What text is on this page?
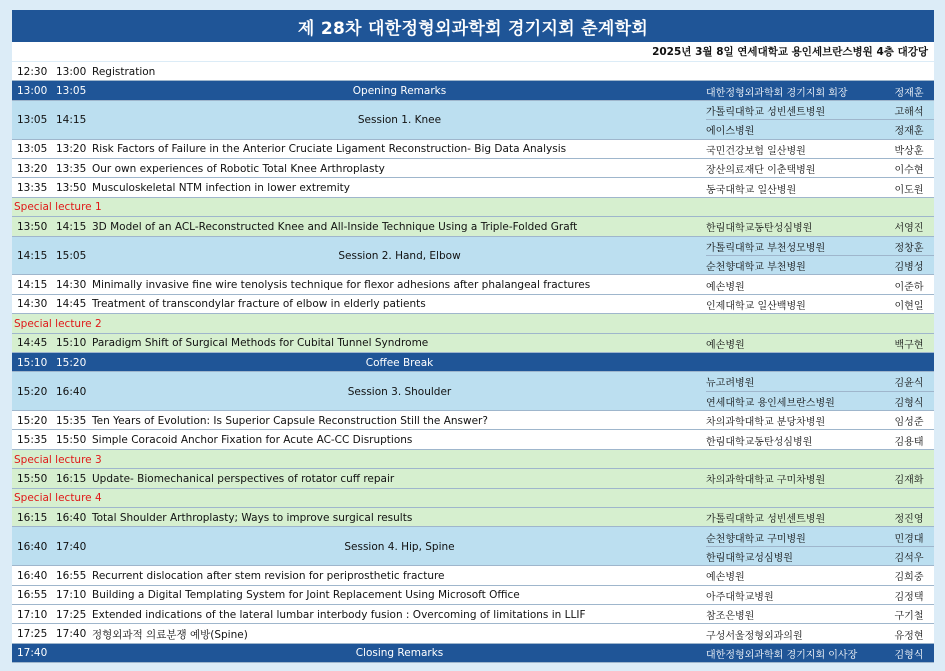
제 28차 대한정형외과학회 경기지회 춘계학회
2025년 3월 8일 연세대학교 용인세브란스병원 4층 대강당
12:30 13:00 Registration
13:00 13:05	Opening Remarks	대한정형외과학회 경기지회 회장	정재훈
13:05 14:15	Session 1. Knee
가톨릭대학교 성빈센트병원	고해석
에이스병원	정재훈
13:05 13:20 Risk Factors of Failure in the Anterior Cruciate Ligament Reconstruction- Big Data Analysis	국민건강보험 일산병원	박상훈
13:20 13:35 Our own experiences of Robotic Total Knee Arthroplasty	장산의료재단 이춘택병원	이수현
13:35 13:50 Musculoskeletal NTM infection in lower extremity	동국대학교 일산병원	이도원
Special lecture 1
13:50 14:15 3D Model of an ACL-Reconstructed Knee and All-Inside Technique Using a Triple-Folded Graft	한림대학교동탄성심병원	서영진
14:15 15:05	Session 2. Hand, Elbow
가톨릭대학교 부천성모병원	정창훈
순천향대학교 부천병원	김병성
14:15 14:30 Minimally invasive fine wire tenolysis technique for flexor adhesions after phalangeal fractures	예손병원	이준하
14:30 14:45 Treatment of transcondylar fracture of elbow in elderly patients	인제대학교 일산백병원	이현일
Special lecture 2
14:45 15:10 Paradigm Shift of Surgical Methods for Cubital Tunnel Syndrome	예손병원	백구현
15:10 15:20	Coffee Break
15:20 16:40	Session 3. Shoulder
뉴고려병원	김윤식
연세대학교 용인세브란스병원	김형식
15:20 15:35 Ten Years of Evolution: Is Superior Capsule Reconstruction Still the Answer?	차의과학대학교 분당차병원	임성준
15:35 15:50 Simple Coracoid Anchor Fixation for Acute AC-CC Disruptions	한림대학교동탄성심병원	김용태
Special lecture 3
15:50 16:15 Update- Biomechanical perspectives of rotator cuff repair	차의과학대학교 구미차병원	김재화
Special lecture 4
16:15 16:40 Total Shoulder Arthroplasty; Ways to improve surgical results	가톨릭대학교 성빈센트병원	정진영
16:40 17:40	Session 4. Hip, Spine
순천향대학교 구미병원	민경대
한림대학교성심병원	김석우
16:40 16:55 Recurrent dislocation after stem revision for periprosthetic fracture	예손병원	김희중
16:55 17:10 Building a Digital Templating System for Joint Replacement Using Microsoft Office	아주대학교병원	김정택
17:10 17:25 Extended indications of the lateral lumbar interbody fusion : Overcoming of limitations in LLIF	참조은병원	구기철
17:25 17:40 정형외과적 의료분쟁 예방(Spine)	구성서울정형외과의원	유정현
17:40	Closing Remarks	대한정형외과학회 경기지회 이사장	김형식
